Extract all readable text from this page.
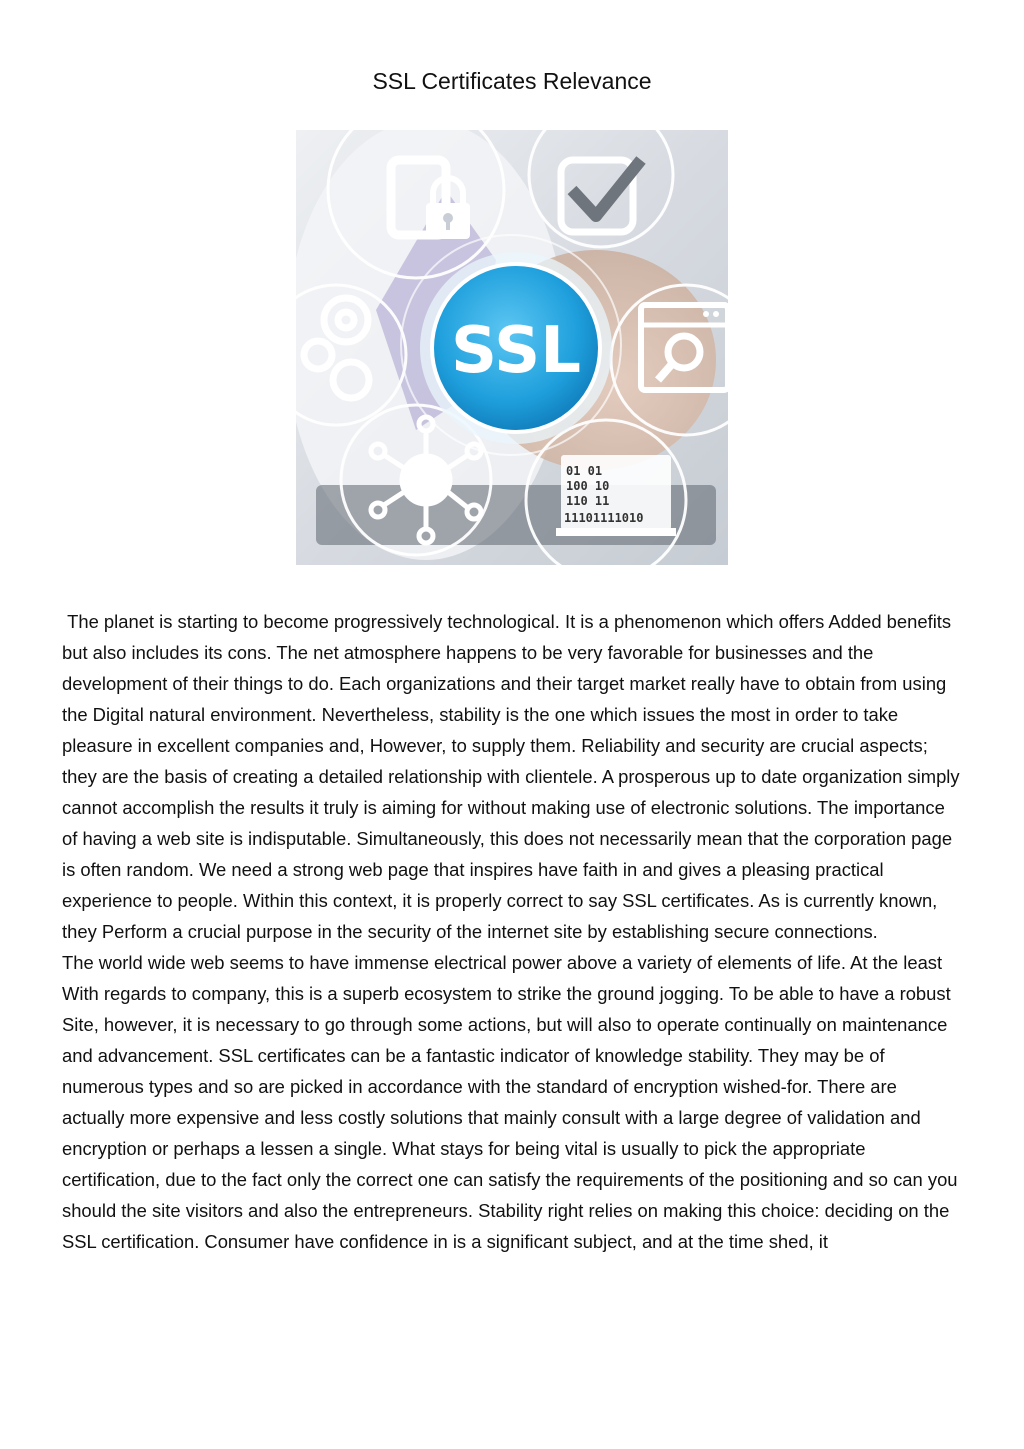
SSL Certificates Relevance
SSL
01 01
100 10
110 11
11101111010

The planet is starting to become progressively technological. It is a phenomenon which offers Added benefits but also includes its cons. The net atmosphere happens to be very favorable for businesses and the development of their things to do. Each organizations and their target market really have to obtain from using the Digital natural environment. Nevertheless, stability is the one which issues the most in order to take pleasure in excellent companies and, However, to supply them. Reliability and security are crucial aspects; they are the basis of creating a detailed relationship with clientele. A prosperous up to date organization simply cannot accomplish the results it truly is aiming for without making use of electronic solutions. The importance of having a web site is indisputable. Simultaneously, this does not necessarily mean that the corporation page is often random. We need a strong web page that inspires have faith in and gives a pleasing practical experience to people. Within this context, it is properly correct to say SSL certificates. As is currently known, they Perform a crucial purpose in the security of the internet site by establishing secure connections.

The world wide web seems to have immense electrical power above a variety of elements of life. At the least With regards to company, this is a superb ecosystem to strike the ground jogging. To be able to have a robust Site, however, it is necessary to go through some actions, but will also to operate continually on maintenance and advancement. SSL certificates can be a fantastic indicator of knowledge stability. They may be of numerous types and so are picked in accordance with the standard of encryption wished-for. There are actually more expensive and less costly solutions that mainly consult with a large degree of validation and encryption or perhaps a lessen a single. What stays for being vital is usually to pick the appropriate certification, due to the fact only the correct one can satisfy the requirements of the positioning and so can you should the site visitors and also the entrepreneurs. Stability right relies on making this choice: deciding on the SSL certification. Consumer have confidence in is a significant subject, and at the time shed, it
